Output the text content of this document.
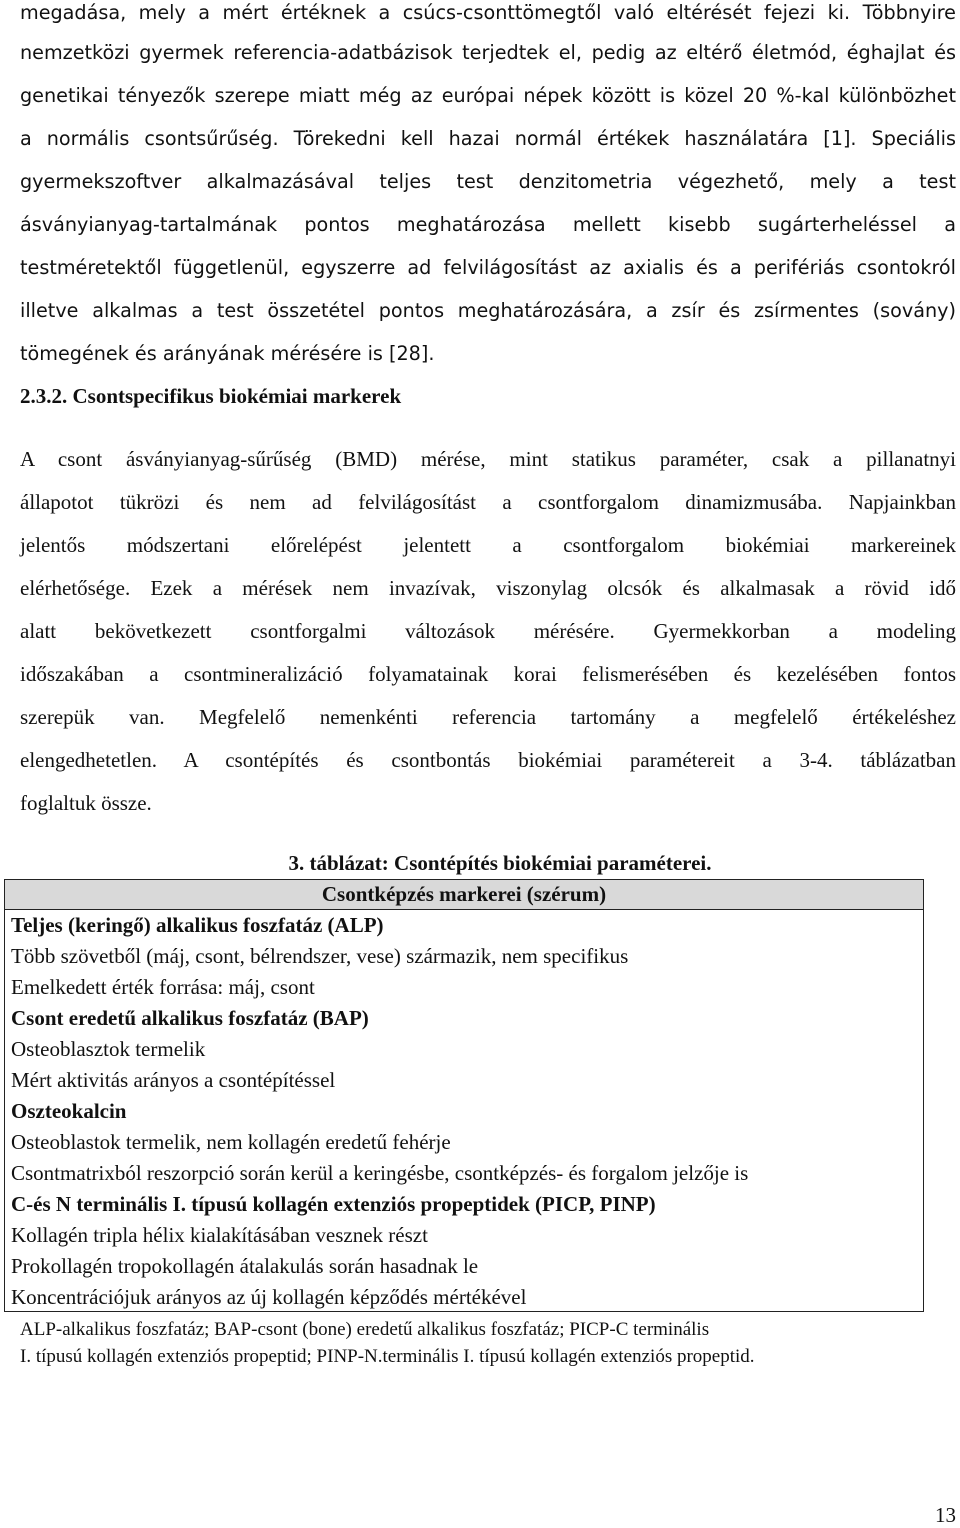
megadása, mely a mért értéknek a csúcs-csonttömegtől való eltérését fejezi ki. Többnyire
nemzetközi gyermek referencia-adatbázisok terjedtek el, pedig az eltérő életmód, éghajlat és
genetikai tényezők szerepe miatt még az európai népek között is közel 20 %-kal különbözhet
a normális csontsűrűség. Törekedni kell hazai normál értékek használatára [1]. Speciális
gyermekszoftver alkalmazásával teljes test denzitometria végezhető, mely a test
ásványianyag-tartalmának pontos meghatározása mellett kisebb sugárterheléssel a
testméretektől függetlenül, egyszerre ad felvilágosítást az axialis és a perifériás csontokról
illetve alkalmas a test összetétel pontos meghatározására, a zsír és zsírmentes (sovány)
tömegének és arányának mérésére is [28].
2.3.2. Csontspecifikus biokémiai markerek
A csont ásványianyag-sűrűség (BMD) mérése, mint statikus paraméter, csak a pillanatnyi
állapotot tükrözi és nem ad felvilágosítást a csontforgalom dinamizmusába. Napjainkban
jelentős módszertani előrelépést jelentett a csontforgalom biokémiai markereinek
elérhetősége. Ezek a mérések nem invazívak, viszonylag olcsók és alkalmasak a rövid idő
alatt bekövetkezett csontforgalmi változások mérésére. Gyermekkorban a modeling
időszakában a csontmineralizáció folyamatainak korai felismerésében és kezelésében fontos
szerepük van. Megfelelő nemenkénti referencia tartomány a megfelelő értékeléshez
elengedhetetlen. A csontépítés és csontbontás biokémiai paramétereit a 3-4. táblázatban
foglaltuk össze.
3. táblázat: Csontépítés biokémiai paraméterei.
Csontképzés markerei (szérum)
Teljes (keringő) alkalikus foszfatáz (ALP)
Több szövetből (máj, csont, bélrendszer, vese) származik, nem specifikus
Emelkedett érték forrása: máj, csont
Csont eredetű alkalikus foszfatáz (BAP)
Osteoblasztok termelik
Mért aktivitás arányos a csontépítéssel
Oszteokalcin
Osteoblastok termelik, nem kollagén eredetű fehérje
Csontmatrixból reszorpció során kerül a keringésbe, csontképzés- és forgalom jelzője is
C-és N terminális I. típusú kollagén extenziós propeptidek (PICP, PINP)
Kollagén tripla hélix kialakításában vesznek részt
Prokollagén tropokollagén átalakulás során hasadnak le
Koncentrációjuk arányos az új kollagén képződés mértékével
ALP-alkalikus foszfatáz; BAP-csont (bone) eredetű alkalikus foszfatáz; PICP-C terminális
I. típusú kollagén extenziós propeptid; PINP-N.terminális I. típusú kollagén extenziós propeptid.
13
